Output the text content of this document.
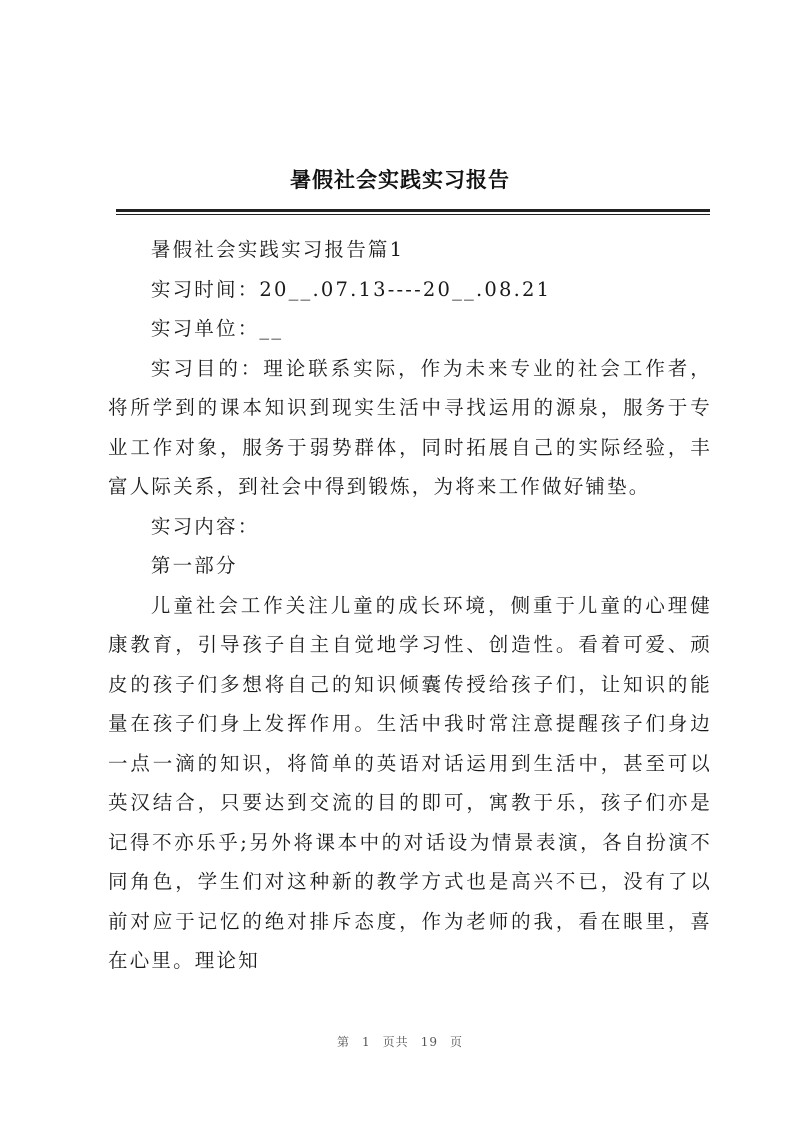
暑假社会实践实习报告

暑假社会实践实习报告篇1

实习时间：20__.07.13----20__.08.21

实习单位：__

实习目的：理论联系实际，作为未来专业的社会工作者，将所学到的课本知识到现实生活中寻找运用的源泉，服务于专业工作对象，服务于弱势群体，同时拓展自己的实际经验，丰富人际关系，到社会中得到锻炼，为将来工作做好铺垫。

实习内容：

第一部分

儿童社会工作关注儿童的成长环境，侧重于儿童的心理健康教育，引导孩子自主自觉地学习性、创造性。看着可爱、顽皮的孩子们多想将自己的知识倾囊传授给孩子们，让知识的能量在孩子们身上发挥作用。生活中我时常注意提醒孩子们身边一点一滴的知识，将简单的英语对话运用到生活中，甚至可以英汉结合，只要达到交流的目的即可，寓教于乐，孩子们亦是记得不亦乐乎;另外将课本中的对话设为情景表演，各自扮演不同角色，学生们对这种新的教学方式也是高兴不已，没有了以前对应于记忆的绝对排斥态度，作为老师的我，看在眼里，喜在心里。理论知

第 1 页共 19 页
